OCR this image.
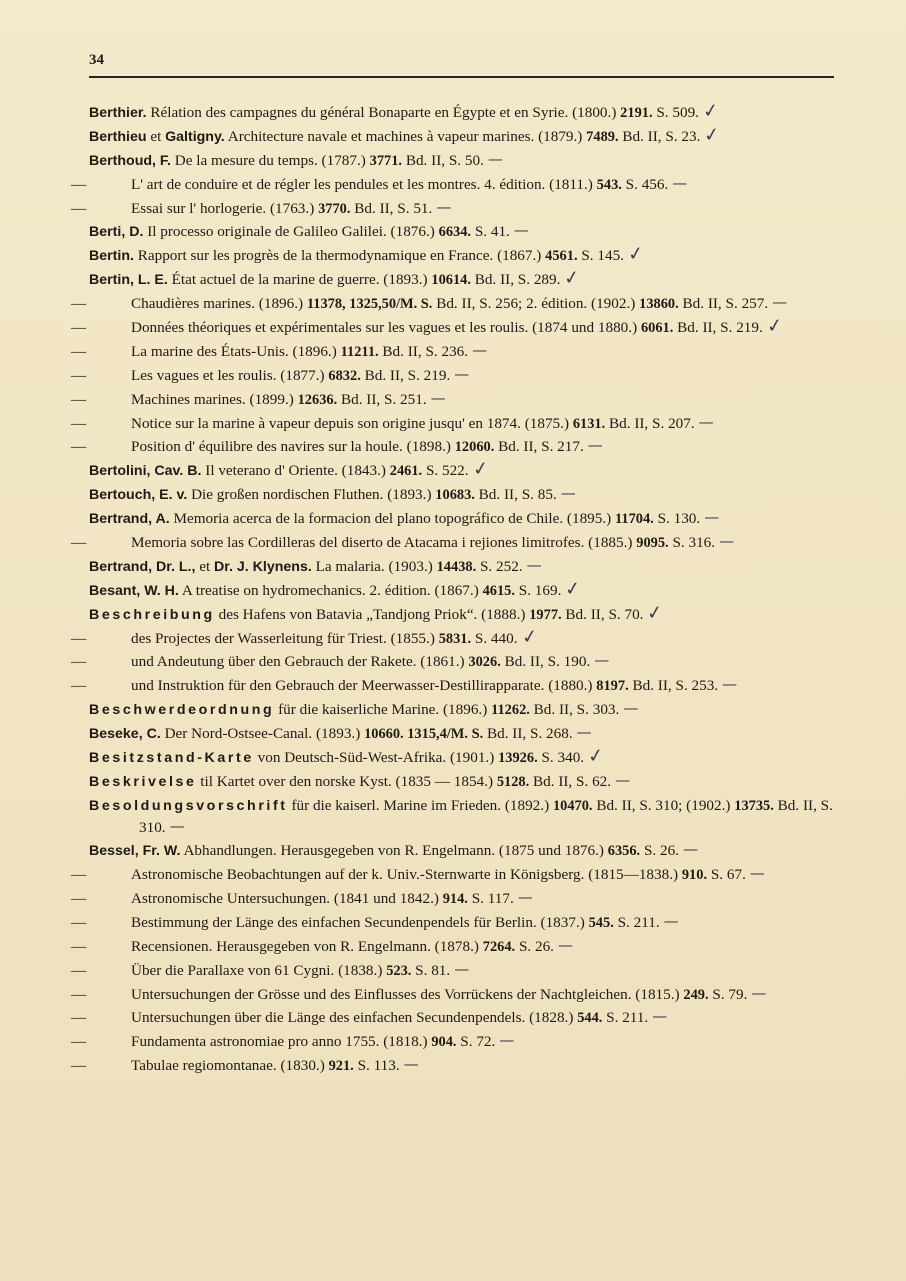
34
Berthier. Rélation des campagnes du général Bonaparte en Égypte et en Syrie. (1800.) 2191. S. 509. ✓
Berthieu et Galtigny. Architecture navale et machines à vapeur marines. (1879.) 7489. Bd. II, S. 23. ✓
Berthoud, F. De la mesure du temps. (1787.) 3771. Bd. II, S. 50. —
—	L' art de conduire et de régler les pendules et les montres. 4. édition. (1811.) 543. S. 456. —
—	Essai sur l' horlogerie. (1763.) 3770. Bd. II, S. 51. —
Berti, D. Il processo originale de Galileo Galilei. (1876.) 6634. S. 41. —
Bertin. Rapport sur les progrès de la thermodynamique en France. (1867.) 4561. S. 145. ✓
Bertin, L. E. État actuel de la marine de guerre. (1893.) 10614. Bd. II, S. 289. ✓
—	Chaudières marines. (1896.) 11378, 1325,50/M. S. Bd. II, S. 256; 2. édition. (1902.) 13860. Bd. II, S. 257. —
—	Données théoriques et expérimentales sur les vagues et les roulis. (1874 und 1880.) 6061. Bd. II, S. 219. ✓
—	La marine des États-Unis. (1896.) 11211. Bd. II, S. 236. —
—	Les vagues et les roulis. (1877.) 6832. Bd. II, S. 219. —
—	Machines marines. (1899.) 12636. Bd. II, S. 251. —
—	Notice sur la marine à vapeur depuis son origine jusqu' en 1874. (1875.) 6131. Bd. II, S. 207. —
—	Position d' équilibre des navires sur la houle. (1898.) 12060. Bd. II, S. 217. —
Bertolini, Cav. B. Il veterano d' Oriente. (1843.) 2461. S. 522. ✓
Bertouch, E. v. Die großen nordischen Fluthen. (1893.) 10683. Bd. II, S. 85. —
Bertrand, A. Memoria acerca de la formacion del plano topográfico de Chile. (1895.) 11704. S. 130. —
—	Memoria sobre las Cordilleras del diserto de Atacama i rejiones limitrofes. (1885.) 9095. S. 316. —
Bertrand, Dr. L., et Dr. J. Klynens. La malaria. (1903.) 14438. S. 252. —
Besant, W. H. A treatise on hydromechanics. 2. édition. (1867.) 4615. S. 169. ✓
Beschreibung des Hafens von Batavia „Tandjong Priok“. (1888.) 1977. Bd. II, S. 70. ✓
—	des Projectes der Wasserleitung für Triest. (1855.) 5831. S. 440. ✓
—	und Andeutung über den Gebrauch der Rakete. (1861.) 3026. Bd. II, S. 190. —
—	und Instruktion für den Gebrauch der Meerwasser-Destillirapparate. (1880.) 8197. Bd. II, S. 253. —
Beschwerdeordnung für die kaiserliche Marine. (1896.) 11262. Bd. II, S. 303. —
Beseke, C. Der Nord-Ostsee-Canal. (1893.) 10660. 1315,4/M. S. Bd. II, S. 268. —
Besitzstand-Karte von Deutsch-Süd-West-Afrika. (1901.) 13926. S. 340. ✓
Beskrivelse til Kartet over den norske Kyst. (1835 — 1854.) 5128. Bd. II, S. 62. —
Besoldungsvorschrift für die kaiserl. Marine im Frieden. (1892.) 10470. Bd. II, S. 310; (1902.) 13735. Bd. II, S. 310. —
Bessel, Fr. W. Abhandlungen. Herausgegeben von R. Engelmann. (1875 und 1876.) 6356. S. 26. —
—	Astronomische Beobachtungen auf der k. Univ.-Sternwarte in Königsberg. (1815—1838.) 910. S. 67. —
—	Astronomische Untersuchungen. (1841 und 1842.) 914. S. 117. —
—	Bestimmung der Länge des einfachen Secundenpendels für Berlin. (1837.) 545. S. 211. —
—	Recensionen. Herausgegeben von R. Engelmann. (1878.) 7264. S. 26. —
—	Über die Parallaxe von 61 Cygni. (1838.) 523. S. 81. —
—	Untersuchungen der Grösse und des Einflusses des Vorrückens der Nachtgleichen. (1815.) 249. S. 79. —
—	Untersuchungen über die Länge des einfachen Secundenpendels. (1828.) 544. S. 211. —
—	Fundamenta astronomiae pro anno 1755. (1818.) 904. S. 72. —
—	Tabulae regiomontanae. (1830.) 921. S. 113. —
